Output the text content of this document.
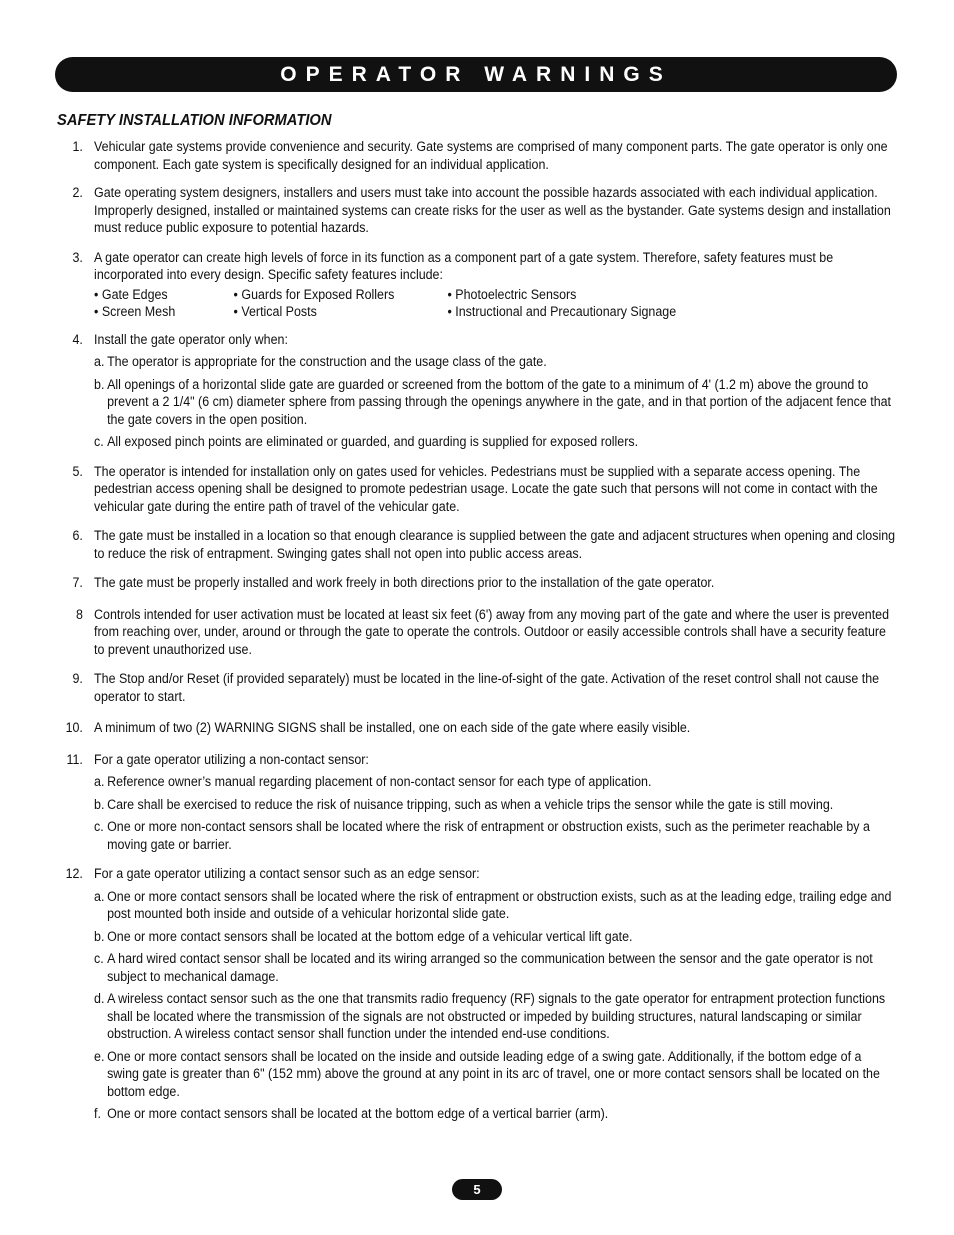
OPERATOR WARNINGS
SAFETY INSTALLATION INFORMATION
1. Vehicular gate systems provide convenience and security. Gate systems are comprised of many component parts. The gate operator is only one component. Each gate system is specifically designed for an individual application.
2. Gate operating system designers, installers and users must take into account the possible hazards associated with each individual application. Improperly designed, installed or maintained systems can create risks for the user as well as the bystander. Gate systems design and installation must reduce public exposure to potential hazards.
3. A gate operator can create high levels of force in its function as a component part of a gate system. Therefore, safety features must be incorporated into every design. Specific safety features include:
• Gate Edges	• Guards for Exposed Rollers	• Photoelectric Sensors
• Screen Mesh	• Vertical Posts	• Instructional and Precautionary Signage
4. Install the gate operator only when:
a. The operator is appropriate for the construction and the usage class of the gate.
b. All openings of a horizontal slide gate are guarded or screened from the bottom of the gate to a minimum of 4' (1.2 m) above the ground to prevent a 2 1/4" (6 cm) diameter sphere from passing through the openings anywhere in the gate, and in that portion of the adjacent fence that the gate covers in the open position.
c. All exposed pinch points are eliminated or guarded, and guarding is supplied for exposed rollers.
5. The operator is intended for installation only on gates used for vehicles. Pedestrians must be supplied with a separate access opening. The pedestrian access opening shall be designed to promote pedestrian usage. Locate the gate such that persons will not come in contact with the vehicular gate during the entire path of travel of the vehicular gate.
6. The gate must be installed in a location so that enough clearance is supplied between the gate and adjacent structures when opening and closing to reduce the risk of entrapment. Swinging gates shall not open into public access areas.
7. The gate must be properly installed and work freely in both directions prior to the installation of the gate operator.
8 Controls intended for user activation must be located at least six feet (6') away from any moving part of the gate and where the user is prevented from reaching over, under, around or through the gate to operate the controls. Outdoor or easily accessible controls shall have a security feature to prevent unauthorized use.
9. The Stop and/or Reset (if provided separately) must be located in the line-of-sight of the gate. Activation of the reset control shall not cause the operator to start.
10. A minimum of two (2) WARNING SIGNS shall be installed, one on each side of the gate where easily visible.
11. For a gate operator utilizing a non-contact sensor:
a. Reference owner’s manual regarding placement of non-contact sensor for each type of application.
b. Care shall be exercised to reduce the risk of nuisance tripping, such as when a vehicle trips the sensor while the gate is still moving.
c. One or more non-contact sensors shall be located where the risk of entrapment or obstruction exists, such as the perimeter reachable by a moving gate or barrier.
12. For a gate operator utilizing a contact sensor such as an edge sensor:
a. One or more contact sensors shall be located where the risk of entrapment or obstruction exists, such as at the leading edge, trailing edge and post mounted both inside and outside of a vehicular horizontal slide gate.
b. One or more contact sensors shall be located at the bottom edge of a vehicular vertical lift gate.
c. A hard wired contact sensor shall be located and its wiring arranged so the communication between the sensor and the gate operator is not subject to mechanical damage.
d. A wireless contact sensor such as the one that transmits radio frequency (RF) signals to the gate operator for entrapment protection functions shall be located where the transmission of the signals are not obstructed or impeded by building structures, natural landscaping or similar obstruction. A wireless contact sensor shall function under the intended end-use conditions.
e. One or more contact sensors shall be located on the inside and outside leading edge of a swing gate. Additionally, if the bottom edge of a swing gate is greater than 6" (152 mm) above the ground at any point in its arc of travel, one or more contact sensors shall be located on the bottom edge.
f. One or more contact sensors shall be located at the bottom edge of a vertical barrier (arm).
5
